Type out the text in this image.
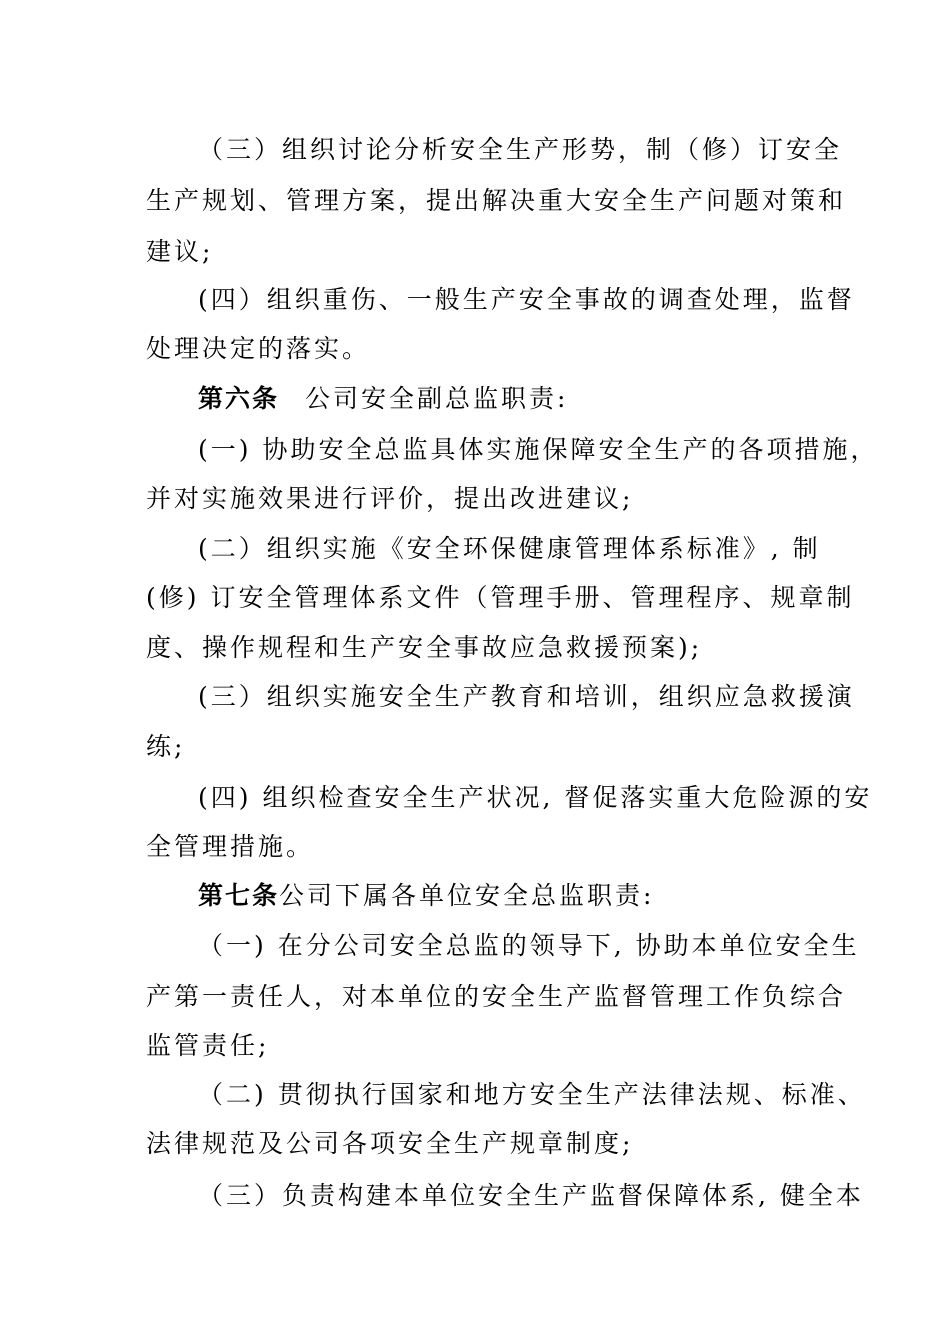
（三）组织讨论分析安全生产形势，制（修）订安全
生产规划、管理方案，提出解决重大安全生产问题对策和
建议;
(四）组织重伤、一般生产安全事故的调查处理，监督
处理决定的落实。
第六条 公司安全副总监职责:
(一) 协助安全总监具体实施保障安全生产的各项措施，
并对实施效果进行评价，提出改进建议;
(二）组织实施《安全环保健康管理体系标准》, 制
(修) 订安全管理体系文件（管理手册、管理程序、规章制
度、操作规程和生产安全事故应急救援预案);
(三）组织实施安全生产教育和培训，组织应急救援演
练;
(四) 组织检查安全生产状况, 督促落实重大危险源的安
全管理措施。
第七条公司下属各单位安全总监职责:
（一) 在分公司安全总监的领导下, 协助本单位安全生
产第一责任人，对本单位的安全生产监督管理工作负综合
监管责任;
（二) 贯彻执行国家和地方安全生产法律法规、标准、
法律规范及公司各项安全生产规章制度;
（三）负责构建本单位安全生产监督保障体系, 健全本
